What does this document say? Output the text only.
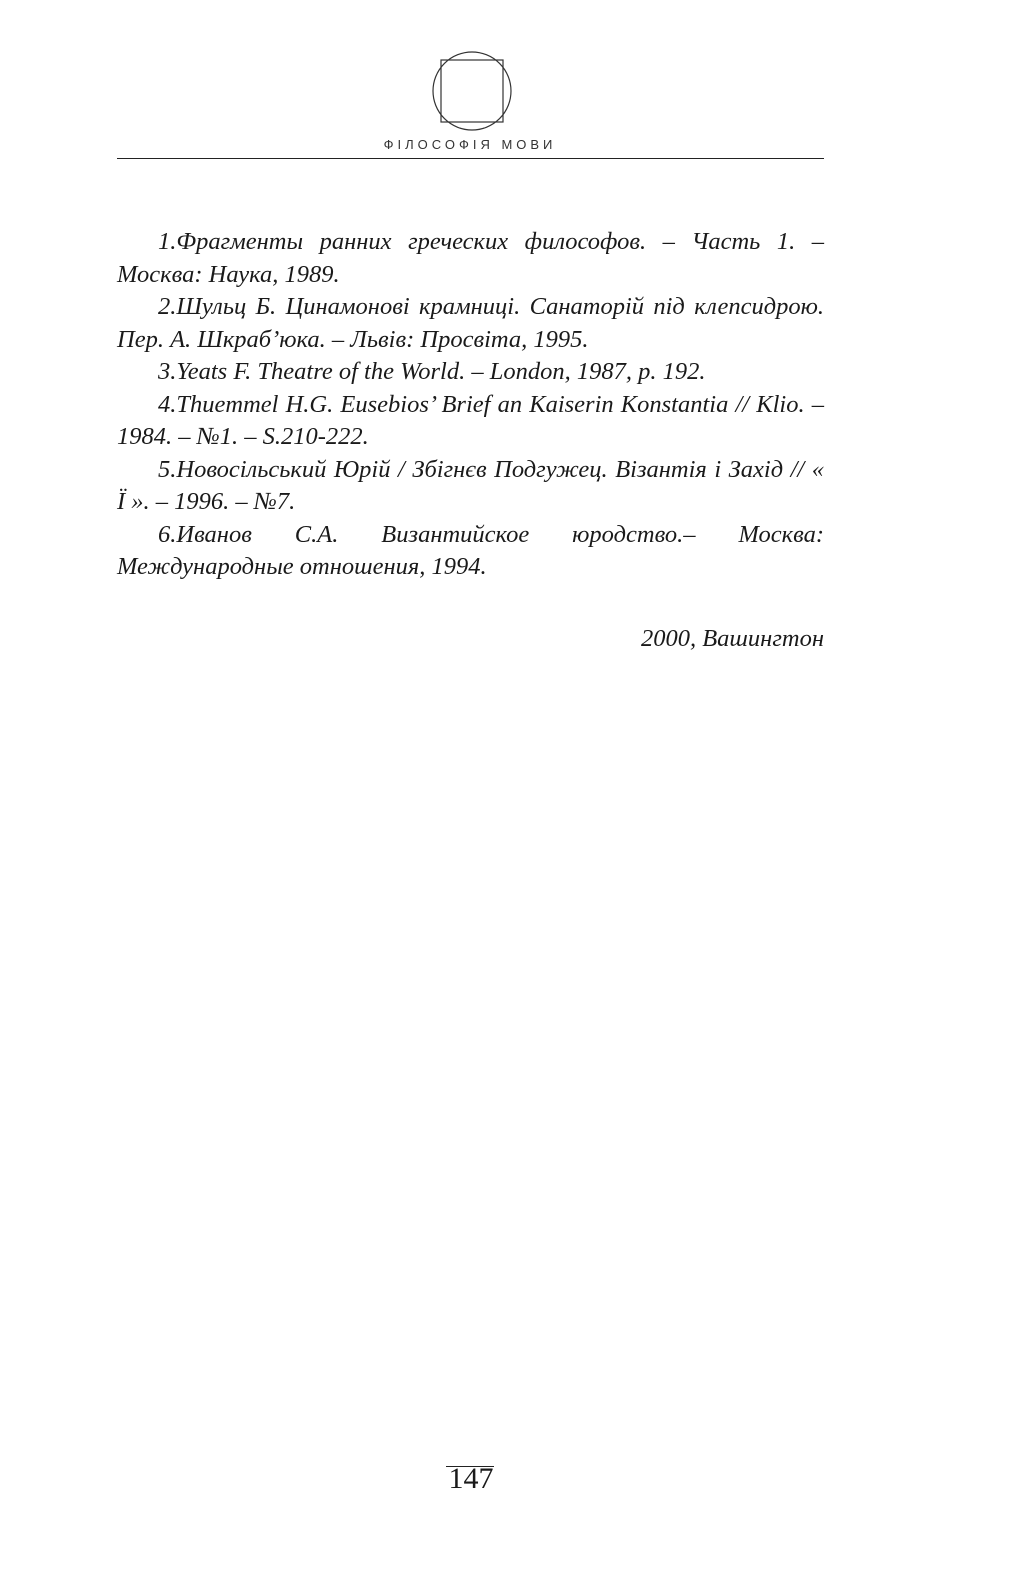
ФІЛОСОФІЯ МОВИ

1.Фрагменты ранних греческих философов. – Часть 1. – Москва: Наука, 1989.

2.Шульц Б. Цинамонові крамниці. Санаторій під клепсидрою. Пер. А. Шкраб’юка. – Львів: Просвіта, 1995.

3.Yeats F. Theatre of the World. – London, 1987, p. 192.

4.Thuemmel H.G. Eusebios’ Brief an Kaiserin Konstantia // Klio. – 1984. – №1. – S.210-222.

5.Новосільський Юрій / Збігнєв Подгужец. Візантія і Захід // « Ї ». – 1996. – №7.

6.Иванов С.А. Византийское юродство.– Москва: Международные отношения, 1994.

2000, Вашингтон
147
